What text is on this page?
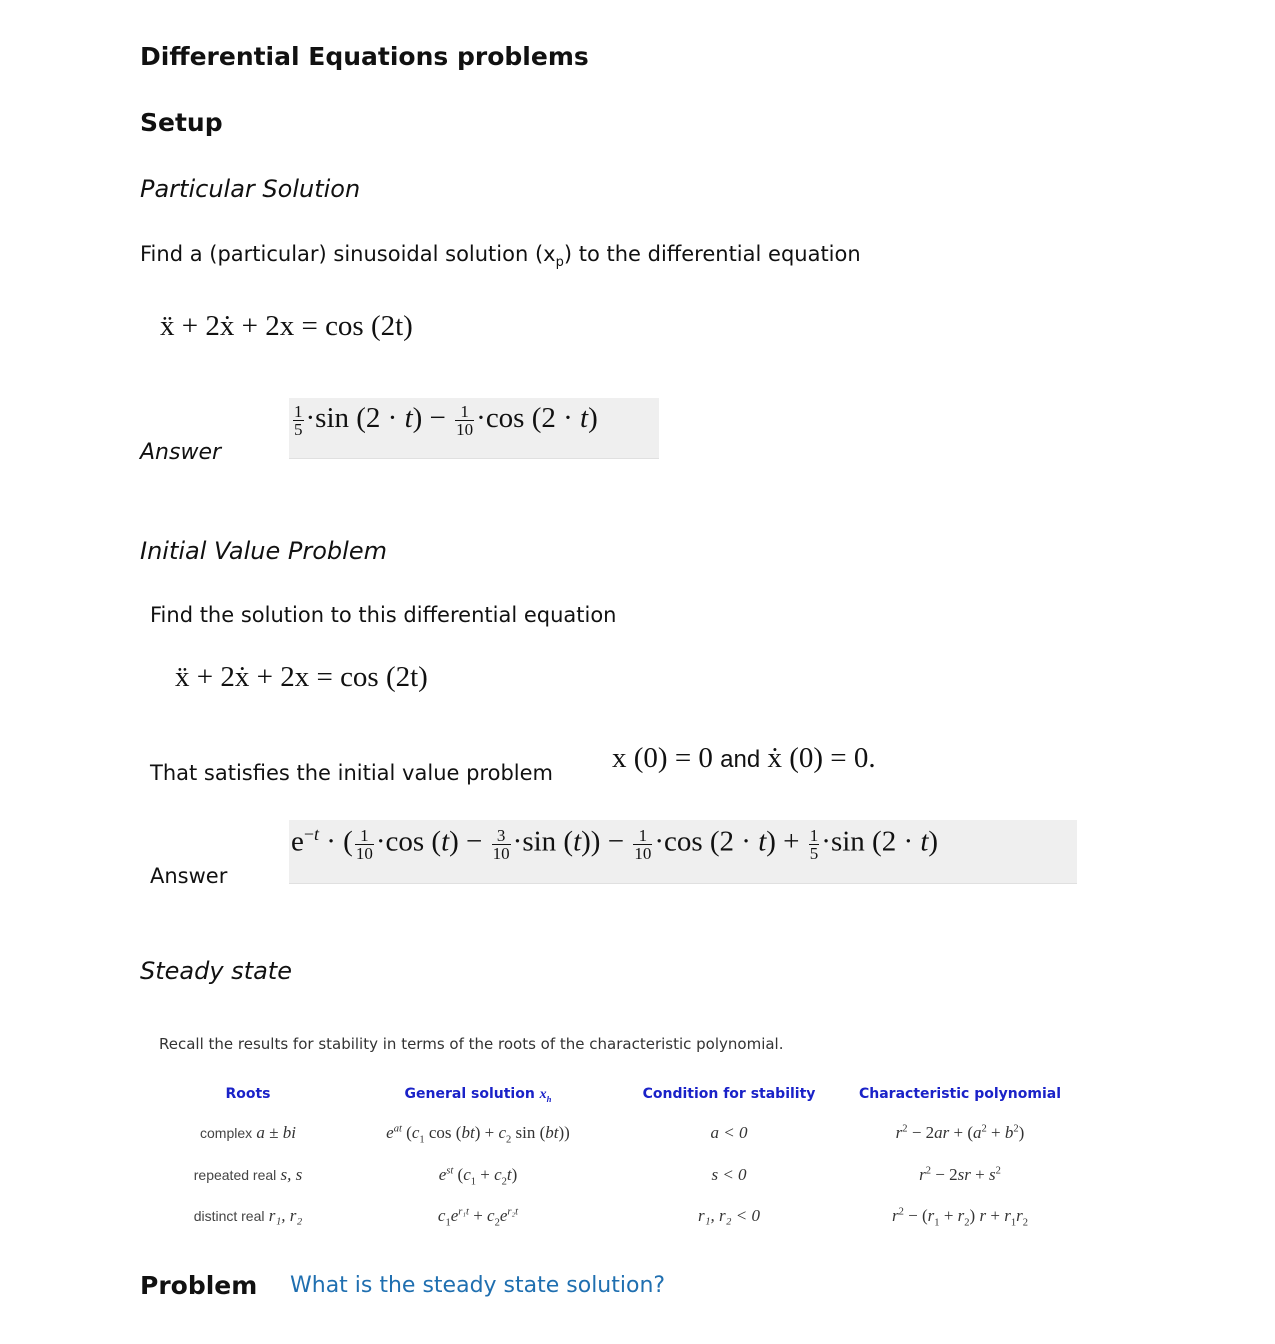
Differential Equations problems
Setup
Particular Solution
Find a (particular) sinusoidal solution $(x_p)$ to the differential equation
ẍ + 2ẋ + 2x = cos (2t)
Answer
$\frac{1}{5} \cdot\sin$ $(2 \cdot t) - \frac{1}{10} \cdot\cos$ (2 · t)
Initial Value Problem
Find the solution to this differential equation
ẍ + 2ẋ + 2x = cos (2t)
That satisfies the initial value problem x (0) = 0 and ẋ (0) = 0.
Answer
$e^{-t}$ · ( $\frac{1}{10} \cdot\cos$ $(t) - \frac{3}{10} \cdot\sin$ $(t)) - \frac{1}{10} \cdot\cos$ $(2 \cdot t) + \frac{1}{5} \cdot\sin$ (2 · t)
Steady state
Recall the results for stability in terms of the roots of the characteristic polynomial.
Roots	General solution $x_h$	Condition for stability	Characteristic polynomial
complex a ± bi	$e^{at}$ ($c_1$ $\cos (bt) + c_2$ sin (bt))	a < 0	$r^2 - 2ar + (a^2 + b^2)$
repeated real s, s	$e^{st}$ $(c_1 + c_2t)$	s < 0	$r^2 - 2sr + s^2$
distinct real r₁, r₂	$c_1e^{r_1t} + c_2e^{r_2t}$	r₁, r₂ < 0	$r^2 - (r_1 + r_2) r + r_1r_2$
Problem What is the steady state solution?
